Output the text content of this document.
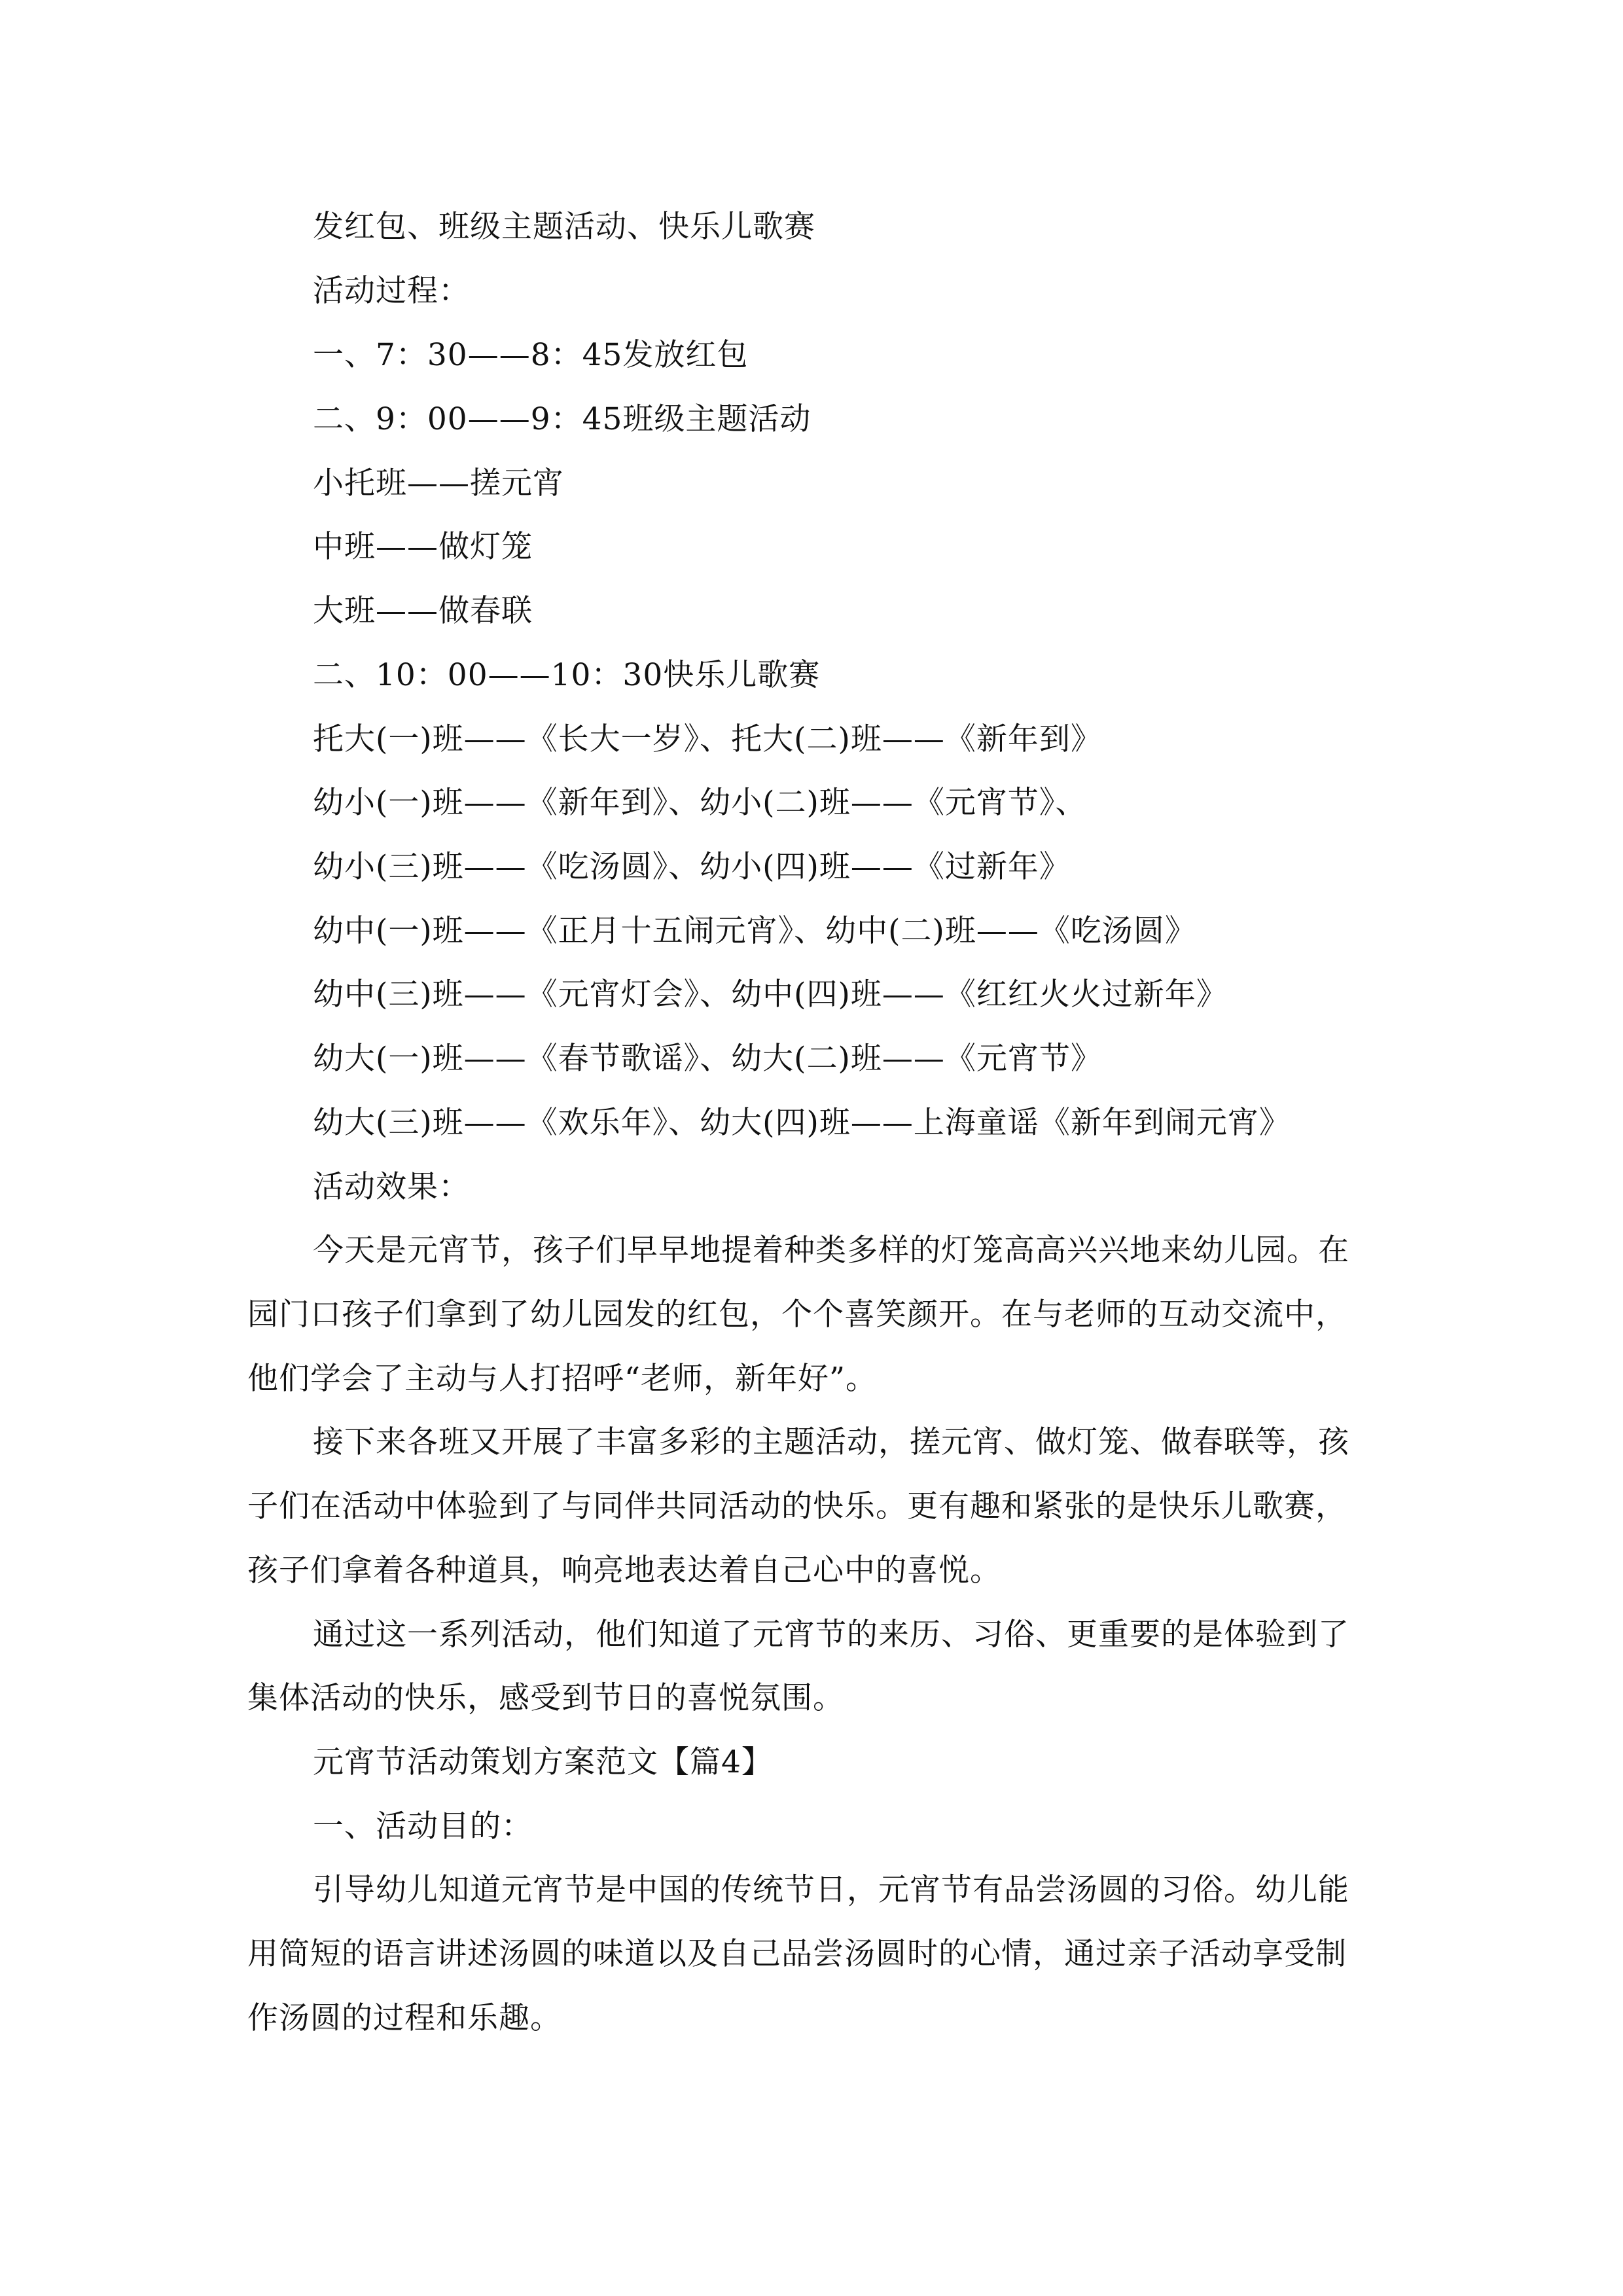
发红包、班级主题活动、快乐儿歌赛
活动过程：
一、7：30——8：45发放红包
二、9：00——9：45班级主题活动
小托班——搓元宵
中班——做灯笼
大班——做春联
二、10：00——10：30快乐儿歌赛
托大(一)班——《长大一岁》、托大(二)班——《新年到》
幼小(一)班——《新年到》、幼小(二)班——《元宵节》、
幼小(三)班——《吃汤圆》、幼小(四)班——《过新年》
幼中(一)班——《正月十五闹元宵》、幼中(二)班——《吃汤圆》
幼中(三)班——《元宵灯会》、幼中(四)班——《红红火火过新年》
幼大(一)班——《春节歌谣》、幼大(二)班——《元宵节》
幼大(三)班——《欢乐年》、幼大(四)班——上海童谣《新年到闹元宵》
活动效果：
今天是元宵节，孩子们早早地提着种类多样的灯笼高高兴兴地来幼儿园。在
园门口孩子们拿到了幼儿园发的红包，个个喜笑颜开。在与老师的互动交流中，
他们学会了主动与人打招呼“老师，新年好”。
接下来各班又开展了丰富多彩的主题活动，搓元宵、做灯笼、做春联等，孩
子们在活动中体验到了与同伴共同活动的快乐。更有趣和紧张的是快乐儿歌赛，
孩子们拿着各种道具，响亮地表达着自己心中的喜悦。
通过这一系列活动，他们知道了元宵节的来历、习俗、更重要的是体验到了
集体活动的快乐，感受到节日的喜悦氛围。
元宵节活动策划方案范文【篇4】
一、活动目的：
引导幼儿知道元宵节是中国的传统节日，元宵节有品尝汤圆的习俗。幼儿能
用简短的语言讲述汤圆的味道以及自己品尝汤圆时的心情，通过亲子活动享受制
作汤圆的过程和乐趣。
